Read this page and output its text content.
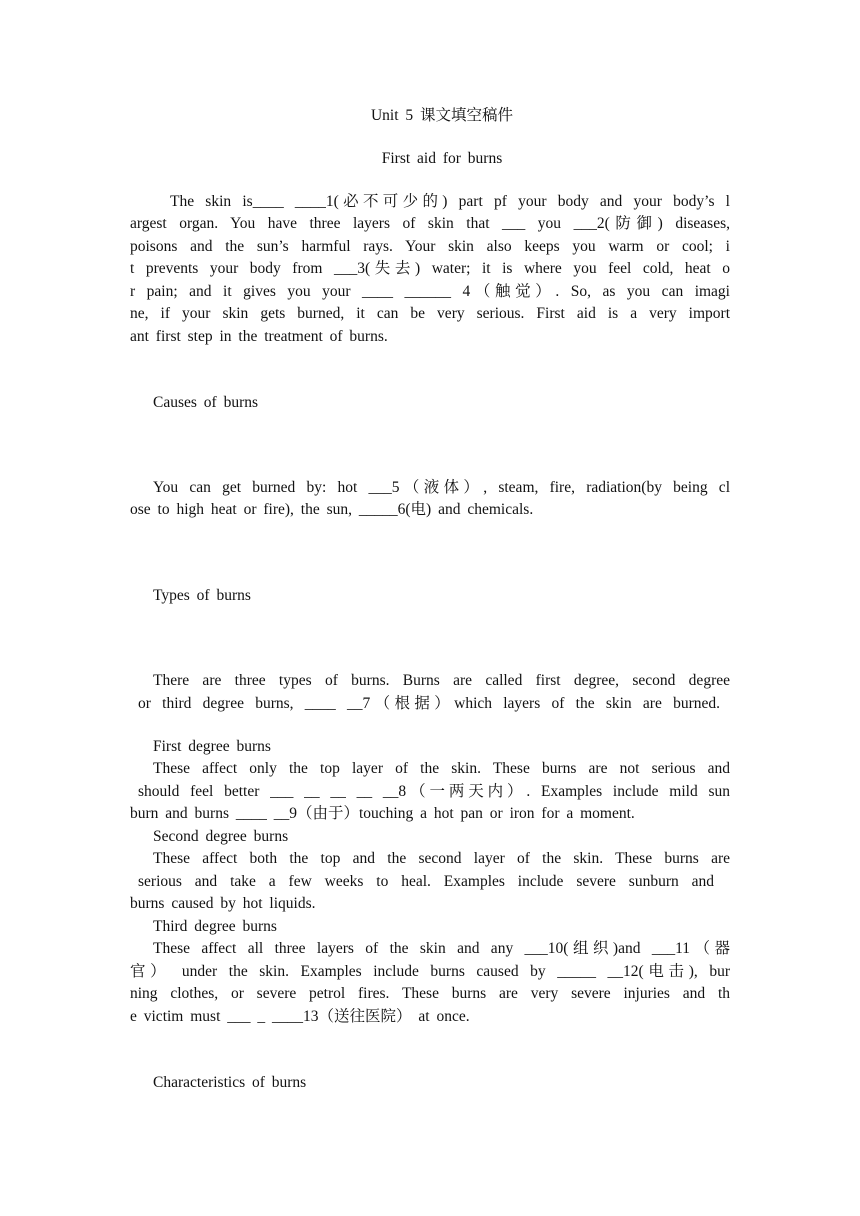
Unit 5 课文填空稿件
First aid for burns
The skin is____ ____1(必不可少的) part pf your body and your body’s l
argest organ. You have three layers of skin that ___ you ___2(防御) diseases,
poisons and the sun’s harmful rays. Your skin also keeps you warm or cool; i
t prevents your body from ___3(失去) water; it is where you feel cold, heat o
r pain; and it gives you your ____ ______ 4（触觉）. So, as you can imagi
ne, if your skin gets burned, it can be very serious. First aid is a very import
ant first step in the treatment of burns.
Causes of burns
You can get burned by: hot ___5（液体）, steam, fire, radiation(by being cl
ose to high heat or fire), the sun, _____6(电) and chemicals.
Types of burns
There are three types of burns. Burns are called first degree, second degree
or third degree burns, ____ __7（根据）which layers of the skin are burned.
First degree burns
These affect only the top layer of the skin. These burns are not serious and
should feel better ___ __ __ __ __8（一两天内）. Examples include mild sun
burn and burns ____ __9（由于）touching a hot pan or iron for a moment.
Second degree burns
These affect both the top and the second layer of the skin. These burns are
serious and take a few weeks to heal. Examples include severe sunburn and
burns caused by hot liquids.
Third degree burns
These affect all three layers of the skin and any ___10(组织)and ___11（器
官） under the skin. Examples include burns caused by _____ __12(电击), bur
ning clothes, or severe petrol fires. These burns are very severe injuries and th
e victim must ___ _ ____13（送往医院） at once.
Characteristics of burns
